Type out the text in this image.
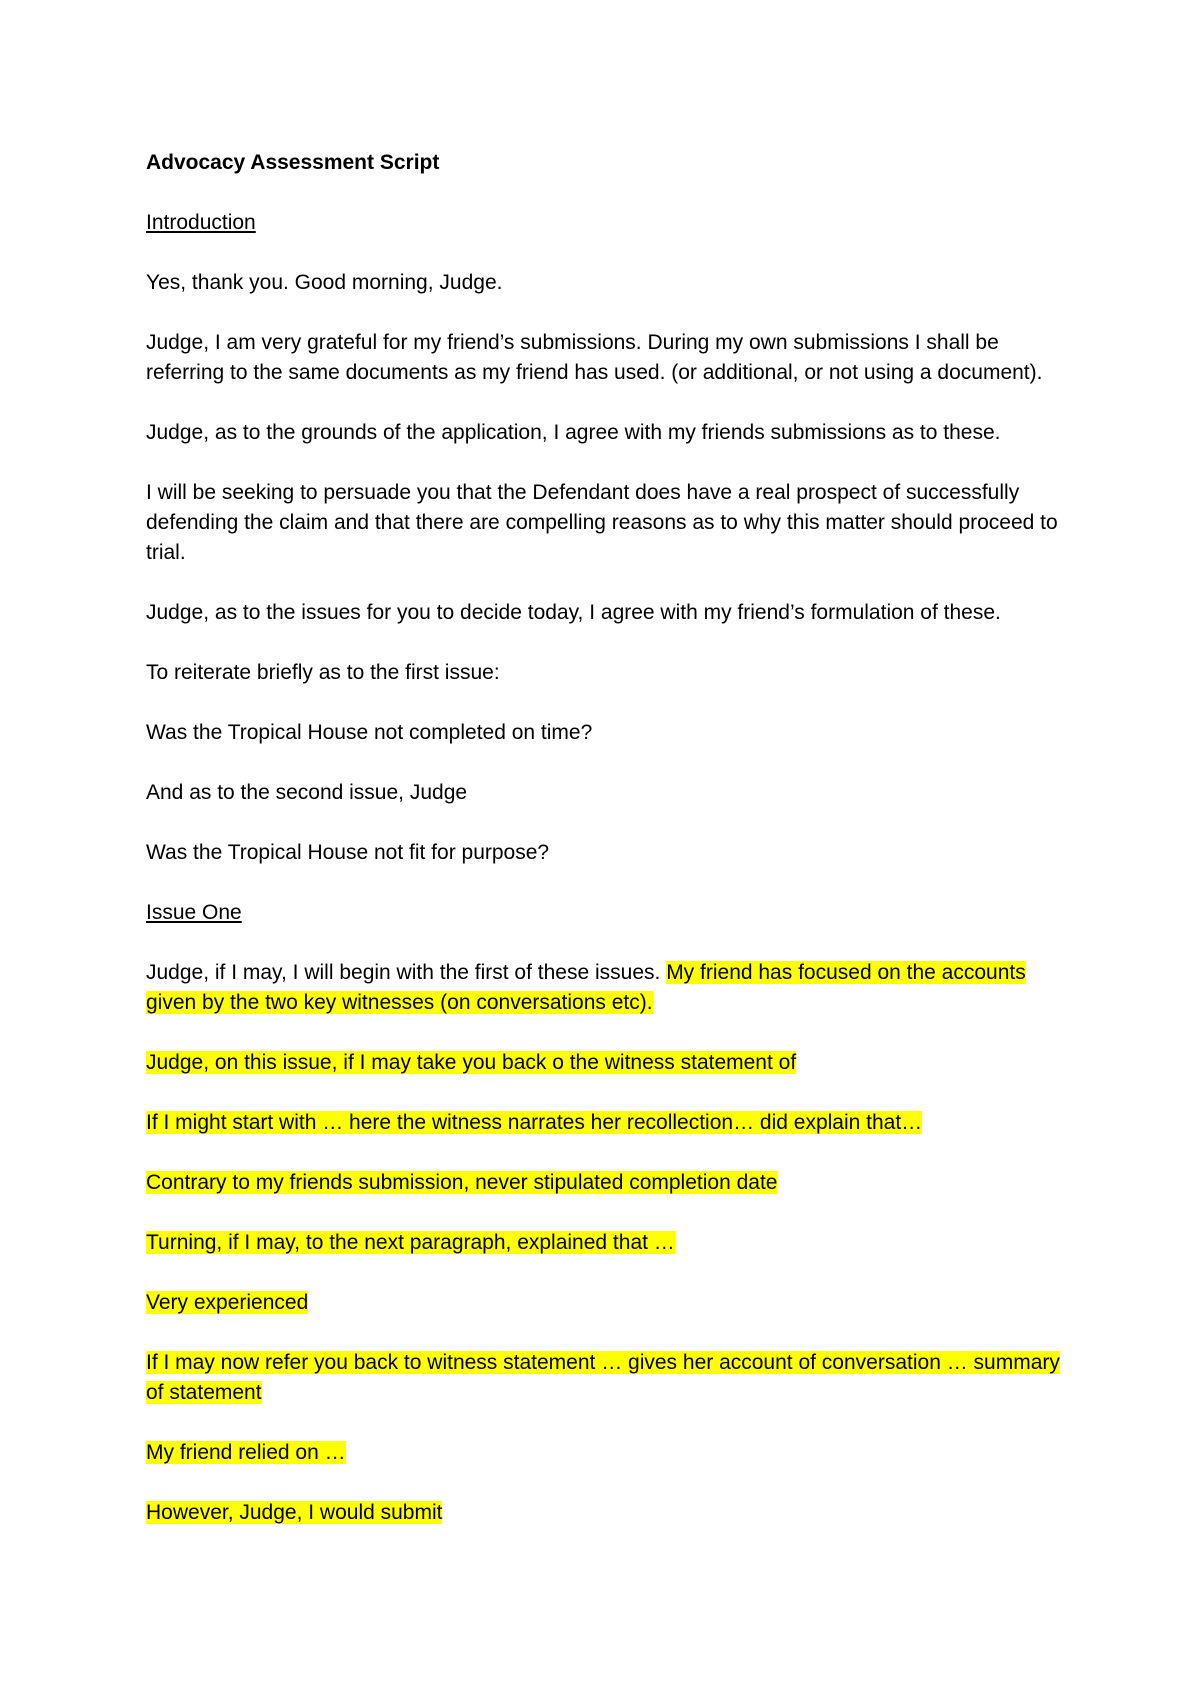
Advocacy Assessment Script

Introduction

Yes, thank you. Good morning, Judge.

Judge, I am very grateful for my friend’s submissions. During my own submissions I shall be referring to the same documents as my friend has used. (or additional, or not using a document).

Judge, as to the grounds of the application, I agree with my friends submissions as to these.

I will be seeking to persuade you that the Defendant does have a real prospect of successfully defending the claim and that there are compelling reasons as to why this matter should proceed to trial.

Judge, as to the issues for you to decide today, I agree with my friend’s formulation of these.

To reiterate briefly as to the first issue:

Was the Tropical House not completed on time?

And as to the second issue, Judge

Was the Tropical House not fit for purpose?

Issue One

Judge, if I may, I will begin with the first of these issues. My friend has focused on the accounts given by the two key witnesses (on conversations etc).

Judge, on this issue, if I may take you back o the witness statement of

If I might start with … here the witness narrates her recollection… did explain that…

Contrary to my friends submission, never stipulated completion date

Turning, if I may, to the next paragraph, explained that …

Very experienced

If I may now refer you back to witness statement … gives her account of conversation … summary of statement

My friend relied on …

However, Judge, I would submit
